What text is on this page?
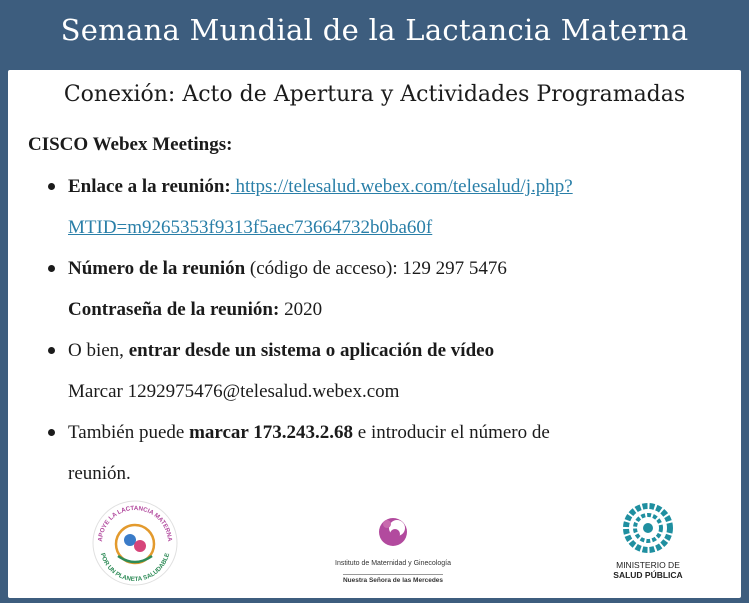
Semana Mundial de la Lactancia Materna
Conexión: Acto de Apertura y Actividades Programadas
CISCO Webex Meetings:
Enlace a la reunión: https://telesalud.webex.com/telesalud/j.php?
MTID=m9265353f9313f5aec73664732b0ba60f
Número de la reunión (código de acceso): 129 297 5476
Contraseña de la reunión: 2020
O bien, entrar desde un sistema o aplicación de vídeo
Marcar 1292975476@telesalud.webex.com
También puede marcar 173.243.2.68 e introducir el número de
reunión.
APOYE LA LACTANCIA MATERNA
POR UN PLANETA SALUDABLE
Instituto de Maternidad y Ginecología
Nuestra Señora de las Mercedes
MINISTERIO DE
SALUD PÚBLICA
